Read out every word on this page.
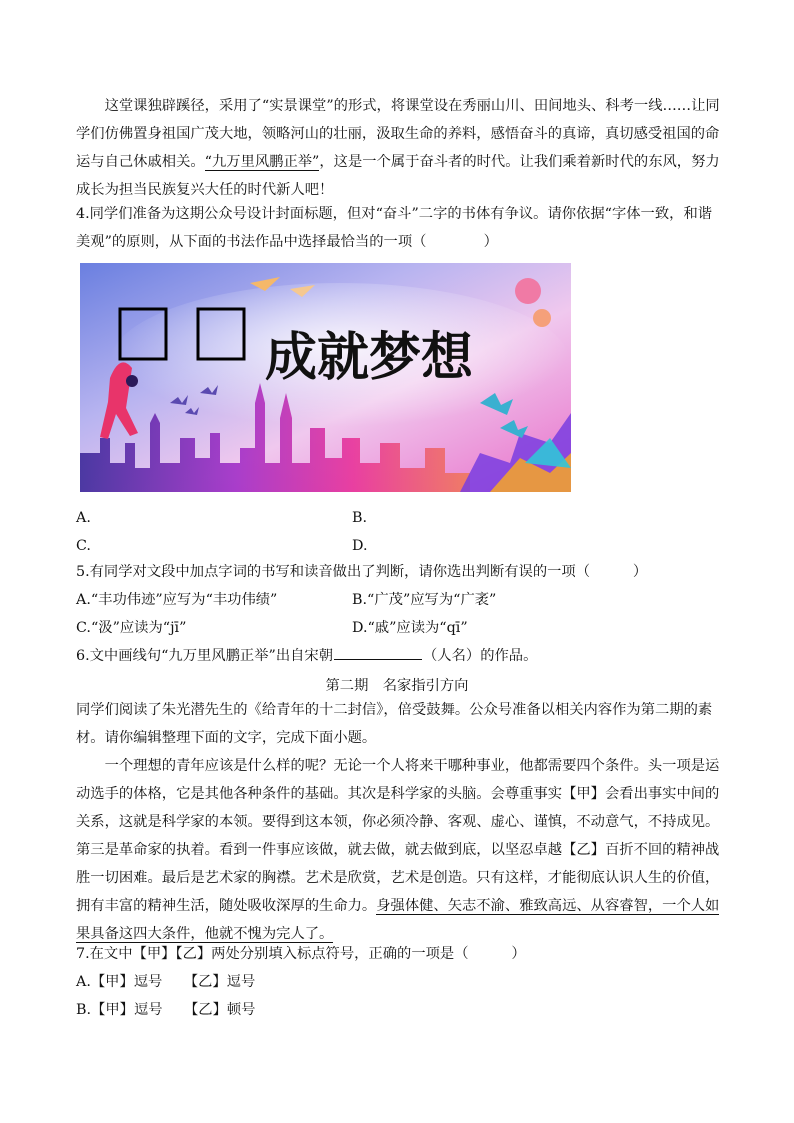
这堂课独辟蹊径，采用了“实景课堂”的形式，将课堂设在秀丽山川、田间地头、科考一线……让同学们仿佛置身祖国广茂大地，领略河山的壮丽，汲取生命的养料，感悟奋斗的真谛，真切感受祖国的命运与自己休戚相关。“九万里风鹏正举”，这是一个属于奋斗者的时代。让我们乘着新时代的东风，努力成长为担当民族复兴大任的时代新人吧！
4.同学们准备为这期公众号设计封面标题，但对“奋斗”二字的书体有争议。请你依据“字体一致，和谐美观”的原则，从下面的书法作品中选择最恰当的一项（　　　　）
成就梦想
A.	B.
C.	D.
5.有同学对文段中加点字词的书写和读音做出了判断，请你选出判断有误的一项（　　　）
A.“丰功伟迹”应写为“丰功伟绩”	B.“广茂”应写为“广袤”
C.“汲”应读为“jī”	D.“戚”应读为“qī”
6.文中画线句“九万里风鹏正举”出自宋朝	（人名）的作品。
第二期　名家指引方向
同学们阅读了朱光潜先生的《给青年的十二封信》，倍受鼓舞。公众号准备以相关内容作为第二期的素材。请你编辑整理下面的文字，完成下面小题。
一个理想的青年应该是什么样的呢？无论一个人将来干哪种事业，他都需要四个条件。头一项是运动选手的体格，它是其他各种条件的基础。其次是科学家的头脑。会尊重事实【甲】会看出事实中间的关系，这就是科学家的本领。要得到这本领，你必须冷静、客观、虚心、谨慎，不动意气，不持成见。第三是革命家的执着。看到一件事应该做，就去做，就去做到底，以坚忍卓越【乙】百折不回的精神战胜一切困难。最后是艺术家的胸襟。艺术是欣赏，艺术是创造。只有这样，才能彻底认识人生的价值，拥有丰富的精神生活，随处吸收深厚的生命力。身强体健、矢志不渝、雅致高远、从容睿智，一个人如果具备这四大条件，他就不愧为完人了。
7.在文中【甲】【乙】两处分别填入标点符号，正确的一项是（　　　）
A.【甲】逗号　　【乙】逗号
B.【甲】逗号　　【乙】顿号
